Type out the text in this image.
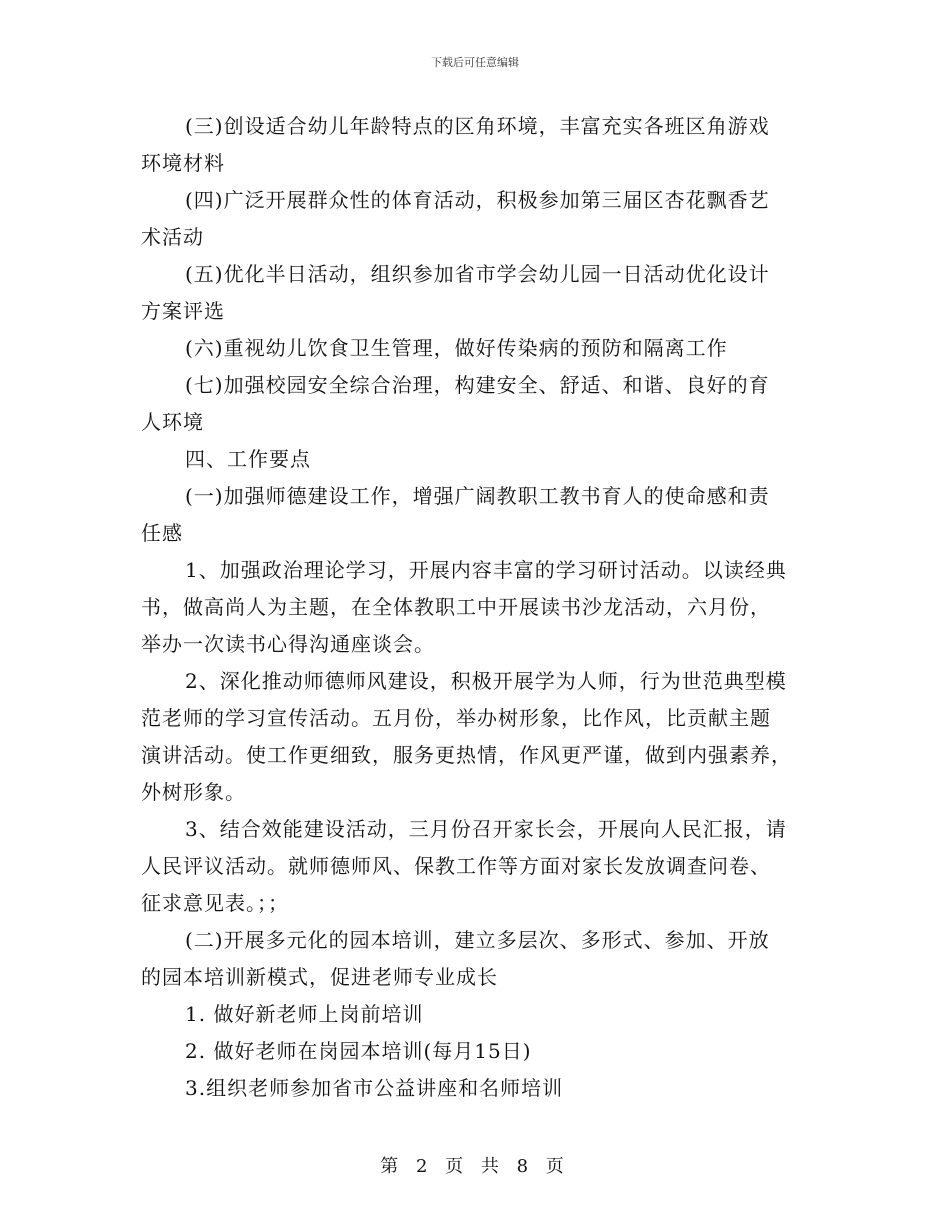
下载后可任意编辑
(三)创设适合幼儿年龄特点的区角环境，丰富充实各班区角游戏
环境材料
(四)广泛开展群众性的体育活动，积极参加第三届区杏花飘香艺
术活动
(五)优化半日活动，组织参加省市学会幼儿园一日活动优化设计
方案评选
(六)重视幼儿饮食卫生管理，做好传染病的预防和隔离工作
(七)加强校园安全综合治理，构建安全、舒适、和谐、良好的育
人环境
四、工作要点
(一)加强师德建设工作，增强广阔教职工教书育人的使命感和责
任感
1、加强政治理论学习，开展内容丰富的学习研讨活动。以读经典
书，做高尚人为主题，在全体教职工中开展读书沙龙活动，六月份，
举办一次读书心得沟通座谈会。
2、深化推动师德师风建设，积极开展学为人师，行为世范典型模
范老师的学习宣传活动。五月份，举办树形象，比作风，比贡献主题
演讲活动。使工作更细致，服务更热情，作风更严谨，做到内强素养，
外树形象。
3、结合效能建设活动，三月份召开家长会，开展向人民汇报，请
人民评议活动。就师德师风、保教工作等方面对家长发放调查问卷、
征求意见表。；；
(二)开展多元化的园本培训，建立多层次、多形式、参加、开放
的园本培训新模式，促进老师专业成长
1. 做好新老师上岗前培训
2. 做好老师在岗园本培训(每月15日)
3.组织老师参加省市公益讲座和名师培训
第 2 页 共 8 页
